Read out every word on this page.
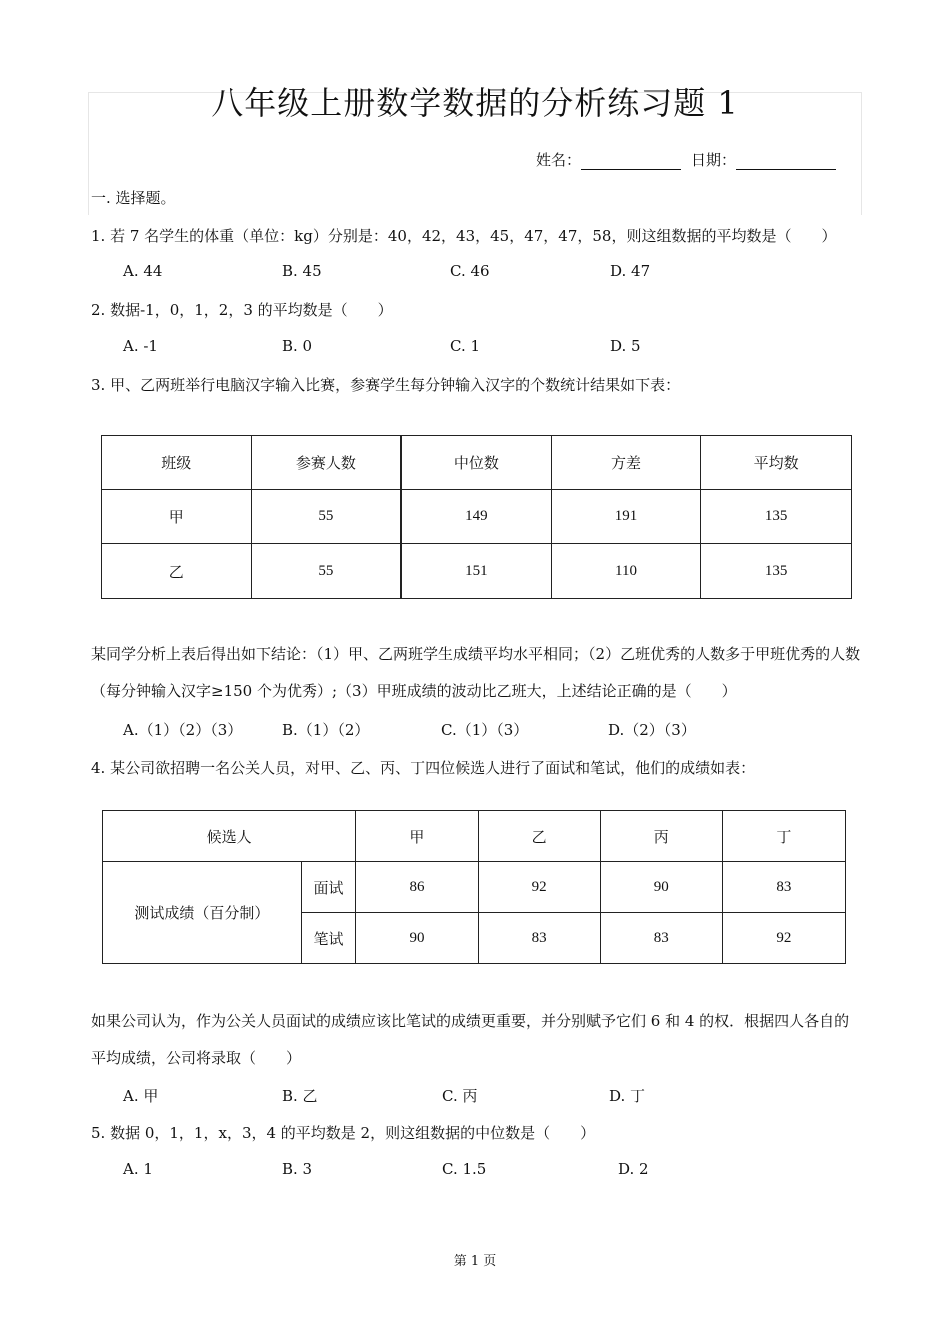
八年级上册数学数据的分析练习题 1
姓名：	日期：
一. 选择题。
1. 若 7 名学生的体重（单位：kg）分别是：40，42，43，45，47，47，58，则这组数据的平均数是（　　）
A. 44	B. 45	C. 46	D. 47
2. 数据-1，0，1，2，3 的平均数是（　　）
A. -1	B. 0	C. 1	D. 5
3. 甲、乙两班举行电脑汉字输入比赛，参赛学生每分钟输入汉字的个数统计结果如下表：
班级	参赛人数	中位数	方差	平均数
甲	55	149	191	135
乙	55	151	110	135
某同学分析上表后得出如下结论：（1）甲、乙两班学生成绩平均水平相同；（2）乙班优秀的人数多于甲班优秀的人数（每分钟输入汉字≥150 个为优秀）;（3）甲班成绩的波动比乙班大，上述结论正确的是（　　）
A.（1）（2）（3）	B.（1）（2）	C.（1）（3）	D.（2）（3）
4. 某公司欲招聘一名公关人员，对甲、乙、丙、丁四位候选人进行了面试和笔试，他们的成绩如表：
候选人		甲	乙	丙	丁
测试成绩（百分制）	面试	86	92	90	83
	笔试	90	83	83	92
如果公司认为，作为公关人员面试的成绩应该比笔试的成绩更重要，并分别赋予它们 6 和 4 的权．根据四人各自的平均成绩，公司将录取（　　）
A. 甲	B. 乙	C. 丙	D. 丁
5. 数据 0，1，1，x，3，4 的平均数是 2，则这组数据的中位数是（　　）
A. 1	B. 3	C. 1.5	D. 2
第 1 页
